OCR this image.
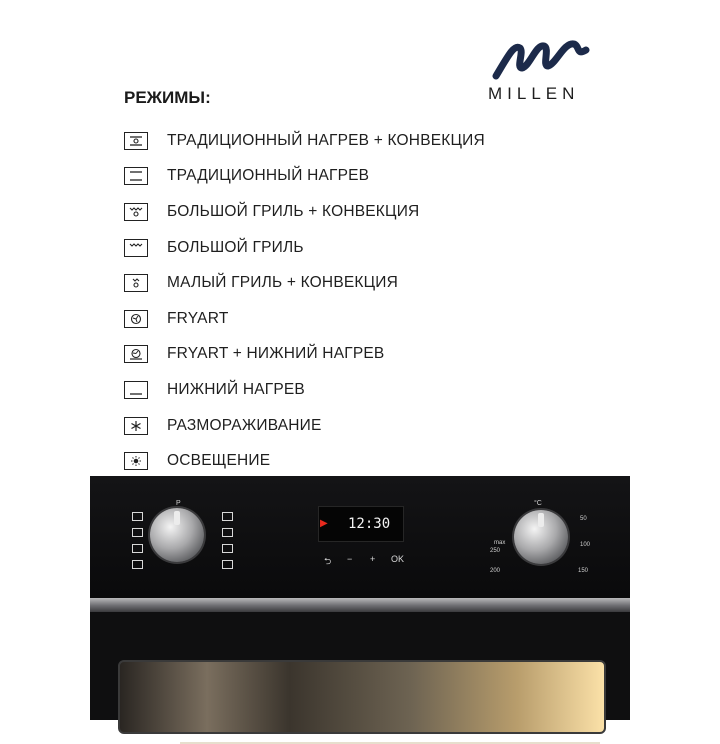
MILLEN
РЕЖИМЫ:
ТРАДИЦИОННЫЙ НАГРЕВ + КОНВЕКЦИЯ
ТРАДИЦИОННЫЙ НАГРЕВ
БОЛЬШОЙ ГРИЛЬ + КОНВЕКЦИЯ
БОЛЬШОЙ ГРИЛЬ
МАЛЫЙ ГРИЛЬ + КОНВЕКЦИЯ
FRYART
FRYART + НИЖНИЙ НАГРЕВ
НИЖНИЙ НАГРЕВ
РАЗМОРАЖИВАНИЕ
ОСВЕЩЕНИЕ
P
▶ 12:30
⮌ − + OK
°C
50
100
150
200
250
max
